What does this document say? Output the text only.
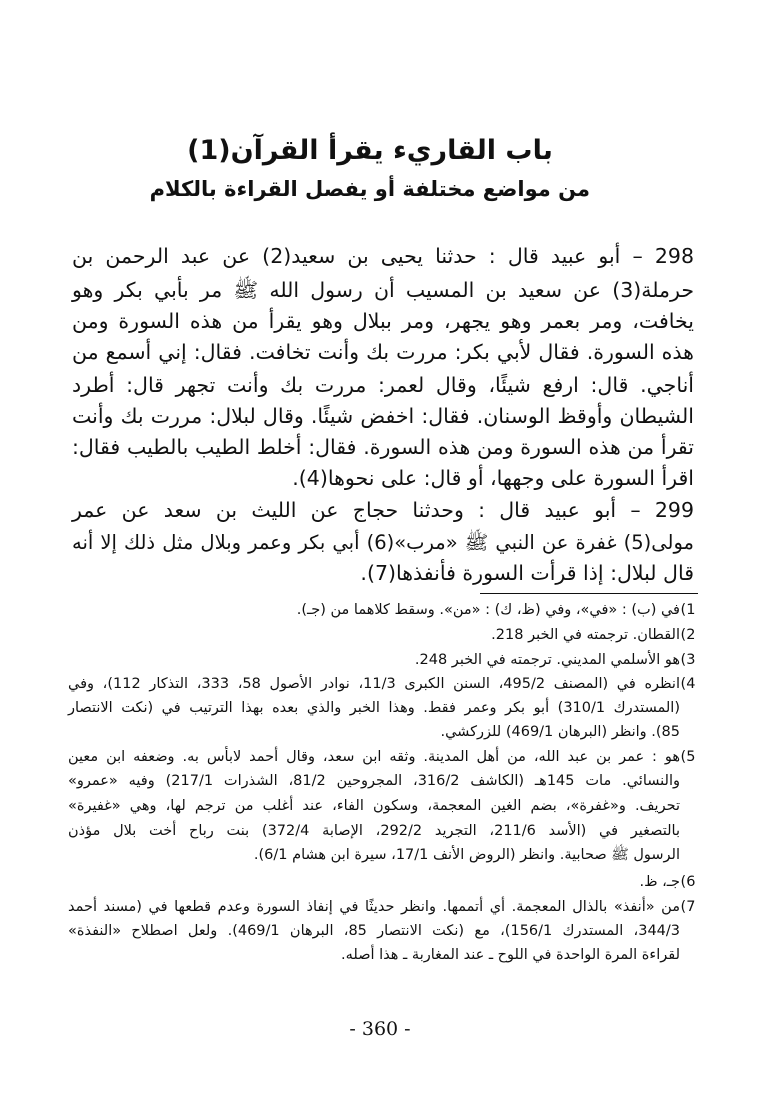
باب القاريء يقرأ القرآن(1)
من مواضع مختلفة أو يفصل القراءة بالكلام
298 – أبو عبيد قال : حدثنا يحيى بن سعيد(2) عن عبد الرحمن بن
حرملة(3) عن سعيد بن المسيب أن رسول الله ﷺ مر بأبي بكر وهو
يخافت، ومر بعمر وهو يجهر، ومر ببلال وهو يقرأ من هذه السورة ومن
هذه السورة. فقال لأبي بكر: مررت بك وأنت تخافت. فقال: إني أسمع من
أناجي. قال: ارفع شيئًا، وقال لعمر: مررت بك وأنت تجهر قال: أطرد
الشيطان وأوقظ الوسنان. فقال: اخفض شيئًا. وقال لبلال: مررت بك وأنت
تقرأ من هذه السورة ومن هذه السورة. فقال: أخلط الطيب بالطيب فقال:
اقرأ السورة على وجهها، أو قال: على نحوها(4).
299 – أبو عبيد قال : وحدثنا حجاج عن الليث بن سعد عن عمر
مولى(5) غفرة عن النبي ﷺ «مرب»(6) أبي بكر وعمر وبلال مثل ذلك إلا أنه
قال لبلال: إذا قرأت السورة فأنفذها(7).
(1
في (ب) : «في»، وفي (ظ، ك) : «من». وسقط كلاهما من (جـ).
(2
القطان. ترجمته في الخبر 218.
(3
هو الأسلمي المديني. ترجمته في الخبر 248.
(4
انظره في (المصنف 495/2، السنن الكبرى 11/3، نوادر الأصول 58، 333، التذكار 112)، وفي
(المستدرك 310/1) أبو بكر وعمر فقط. وهذا الخبر والذي بعده بهذا الترتيب في (نكت الانتصار
85). وانظر (البرهان 469/1) للزركشي.
(5
هو : عمر بن عبد الله، من أهل المدينة. وثقه ابن سعد، وقال أحمد لابأس به. وضعفه ابن معين
والنسائي. مات 145هـ (الكاشف 316/2، المجروحين 81/2، الشذرات 217/1) وفيه «عمرو»
تحريف. و«غفرة»، بضم الغين المعجمة، وسكون الفاء، عند أغلب من ترجم لها، وهي «غفيرة»
بالتصغير في (الأسد 211/6، التجريد 292/2، الإصابة 372/4) بنت رباح أخت بلال مؤذن
الرسول ﷺ صحابية. وانظر (الروض الأنف 17/1، سيرة ابن هشام 6/1).
(6
جـ، ظ.
(7
من «أنفذ» بالذال المعجمة. أي أتممها. وانظر حديثًا في إنفاذ السورة وعدم قطعها في (مسند أحمد
344/3، المستدرك 156/1)، مع (نكت الانتصار 85، البرهان 469/1). ولعل اصطلاح «النفذة»
لقراءة المرة الواحدة في اللوح ـ عند المغاربة ـ هذا أصله.
- 360 -
